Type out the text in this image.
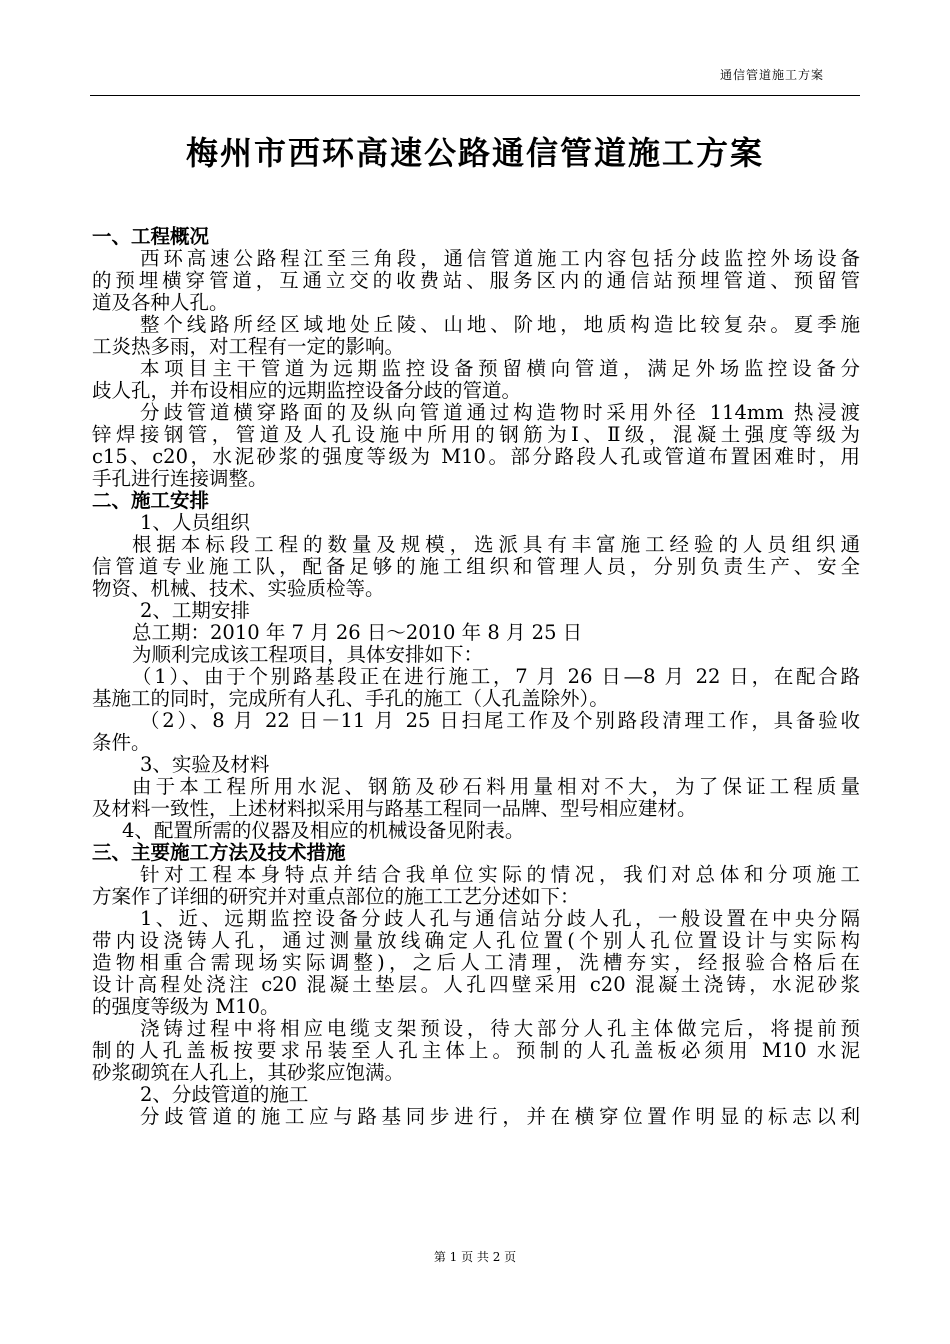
通信管道施工方案
梅州市西环高速公路通信管道施工方案
一、工程概况
西环高速公路程江至三角段，通信管道施工内容包括分歧监控外场设备
的预埋横穿管道，互通立交的收费站、服务区内的通信站预埋管道、预留管
道及各种人孔。
整个线路所经区域地处丘陵、山地、阶地，地质构造比较复杂。夏季施
工炎热多雨，对工程有一定的影响。
本项目主干管道为远期监控设备预留横向管道，满足外场监控设备分
歧人孔，并布设相应的远期监控设备分歧的管道。
分歧管道横穿路面的及纵向管道通过构造物时采用外径 114mm 热浸渡
锌焊接钢管，管道及人孔设施中所用的钢筋为Ⅰ、Ⅱ级，混凝土强度等级为
c15、c20，水泥砂浆的强度等级为 M10。部分路段人孔或管道布置困难时，用
手孔进行连接调整。
二、施工安排
1、人员组织
根据本标段工程的数量及规模，选派具有丰富施工经验的人员组织通
信管道专业施工队，配备足够的施工组织和管理人员，分别负责生产、安全
物资、机械、技术、实验质检等。
2、工期安排
总工期：2010 年 7 月 26 日～2010 年 8 月 25 日
为顺利完成该工程项目，具体安排如下：
（1）、由于个别路基段正在进行施工，7 月 26 日—8 月 22 日，在配合路
基施工的同时，完成所有人孔、手孔的施工（人孔盖除外）。
（2）、8 月 22 日－11 月 25 日扫尾工作及个别路段清理工作，具备验收
条件。
3、实验及材料
由于本工程所用水泥、钢筋及砂石料用量相对不大，为了保证工程质量
及材料一致性，上述材料拟采用与路基工程同一品牌、型号相应建材。
4、配置所需的仪器及相应的机械设备见附表。
三、主要施工方法及技术措施
针对工程本身特点并结合我单位实际的情况，我们对总体和分项施工
方案作了详细的研究并对重点部位的施工工艺分述如下：
1、近、远期监控设备分歧人孔与通信站分歧人孔，一般设置在中央分隔
带内设浇铸人孔，通过测量放线确定人孔位置(个别人孔位置设计与实际构
造物相重合需现场实际调整)，之后人工清理，洗槽夯实，经报验合格后在
设计高程处浇注 c20 混凝土垫层。人孔四壁采用 c20 混凝土浇铸，水泥砂浆
的强度等级为 M10。
浇铸过程中将相应电缆支架预设，待大部分人孔主体做完后，将提前预
制的人孔盖板按要求吊装至人孔主体上。预制的人孔盖板必须用 M10 水泥
砂浆砌筑在人孔上，其砂浆应饱满。
2、分歧管道的施工
分歧管道的施工应与路基同步进行，并在横穿位置作明显的标志以利
第 1 页 共 2 页
